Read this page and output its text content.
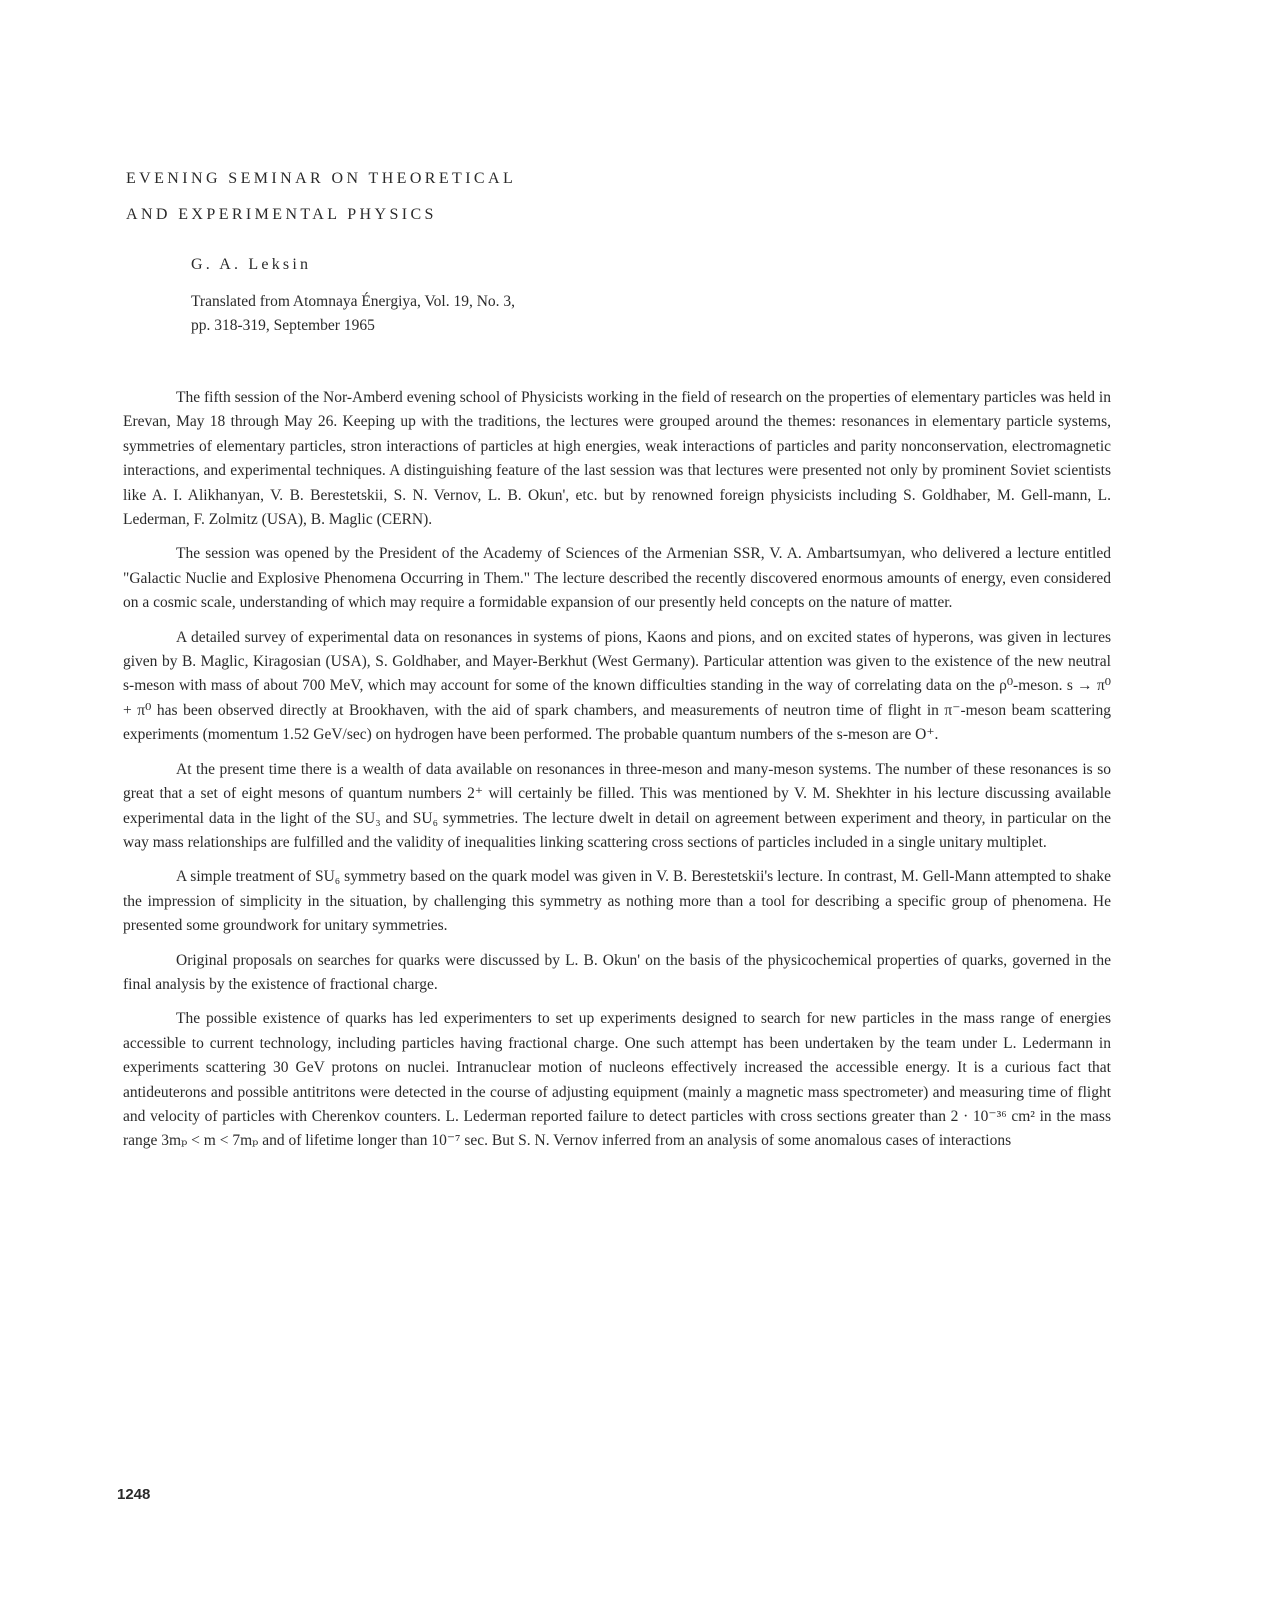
EVENING SEMINAR ON THEORETICAL
AND EXPERIMENTAL PHYSICS

G. A. Leksin

Translated from Atomnaya Énergiya, Vol. 19, No. 3,
pp. 318-319, September 1965

The fifth session of the Nor-Amberd evening school of Physicists working in the field of research on the properties of elementary particles was held in Erevan, May 18 through May 26. Keeping up with the traditions, the lectures were grouped around the themes: resonances in elementary particle systems, symmetries of elementary particles, stron interactions of particles at high energies, weak interactions of particles and parity nonconservation, electromagnetic interactions, and experimental techniques. A distinguishing feature of the last session was that lectures were presented not only by prominent Soviet scientists like A. I. Alikhanyan, V. B. Berestetskii, S. N. Vernov, L. B. Okun', etc. but by renowned foreign physicists including S. Goldhaber, M. Gell-mann, L. Lederman, F. Zolmitz (USA), B. Maglic (CERN).

The session was opened by the President of the Academy of Sciences of the Armenian SSR, V. A. Ambartsumyan, who delivered a lecture entitled "Galactic Nuclie and Explosive Phenomena Occurring in Them." The lecture described the recently discovered enormous amounts of energy, even considered on a cosmic scale, understanding of which may require a formidable expansion of our presently held concepts on the nature of matter.

A detailed survey of experimental data on resonances in systems of pions, Kaons and pions, and on excited states of hyperons, was given in lectures given by B. Maglic, Kiragosian (USA), S. Goldhaber, and Mayer-Berkhut (West Germany). Particular attention was given to the existence of the new neutral s-meson with mass of about 700 MeV, which may account for some of the known difficulties standing in the way of correlating data on the ρ⁰-meson. s → π⁰ + π⁰ has been observed directly at Brookhaven, with the aid of spark chambers, and measurements of neutron time of flight in π⁻-meson beam scattering experiments (momentum 1.52 GeV/sec) on hydrogen have been performed. The probable quantum numbers of the s-meson are O⁺.

At the present time there is a wealth of data available on resonances in three-meson and many-meson systems. The number of these resonances is so great that a set of eight mesons of quantum numbers 2⁺ will certainly be filled. This was mentioned by V. M. Shekhter in his lecture discussing available experimental data in the light of the SU₃ and SU₆ symmetries. The lecture dwelt in detail on agreement between experiment and theory, in particular on the way mass relationships are fulfilled and the validity of inequalities linking scattering cross sections of particles included in a single unitary multiplet.

A simple treatment of SU₆ symmetry based on the quark model was given in V. B. Berestetskii's lecture. In contrast, M. Gell-Mann attempted to shake the impression of simplicity in the situation, by challenging this symmetry as nothing more than a tool for describing a specific group of phenomena. He presented some groundwork for unitary symmetries.

Original proposals on searches for quarks were discussed by L. B. Okun' on the basis of the physicochemical properties of quarks, governed in the final analysis by the existence of fractional charge.

The possible existence of quarks has led experimenters to set up experiments designed to search for new particles in the mass range of energies accessible to current technology, including particles having fractional charge. One such attempt has been undertaken by the team under L. Ledermann in experiments scattering 30 GeV protons on nuclei. Intranuclear motion of nucleons effectively increased the accessible energy. It is a curious fact that antideuterons and possible antitritons were detected in the course of adjusting equipment (mainly a magnetic mass spectrometer) and measuring time of flight and velocity of particles with Cherenkov counters. L. Lederman reported failure to detect particles with cross sections greater than 2 · 10⁻³⁶ cm² in the mass range 3mₚ < m < 7mₚ and of lifetime longer than 10⁻⁷ sec. But S. N. Vernov inferred from an analysis of some anomalous cases of interactions

1248
